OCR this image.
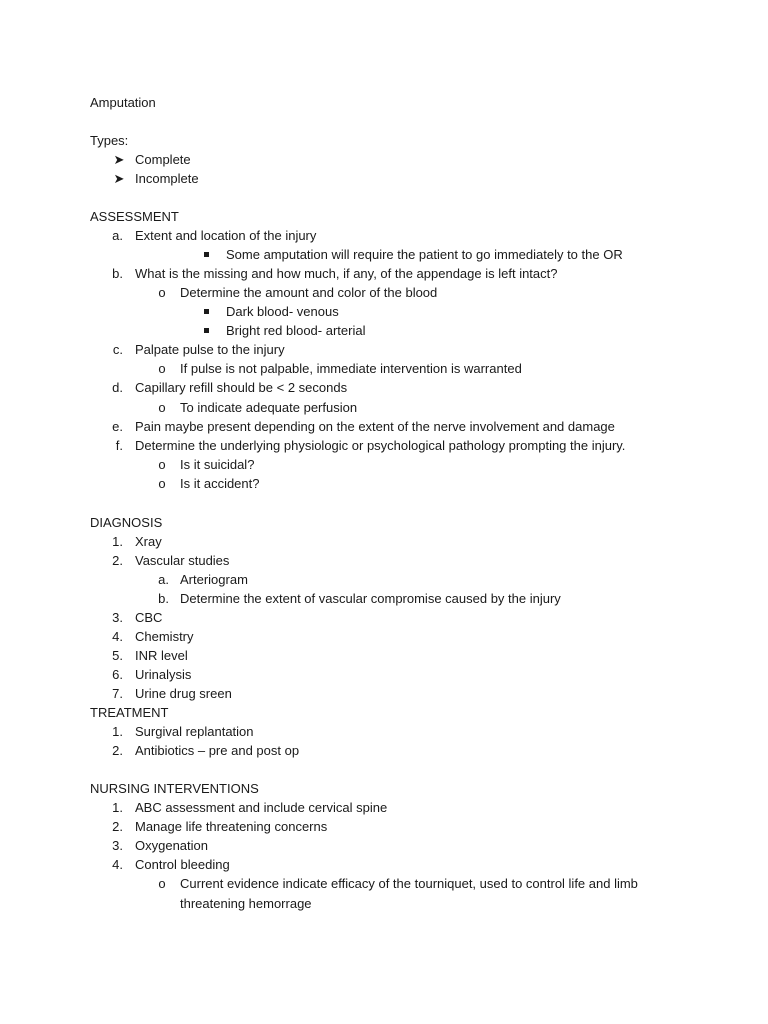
Amputation
Types:
➤ Complete
➤ Incomplete
ASSESSMENT
a. Extent and location of the injury
Some amputation will require the patient to go immediately to the OR
b. What is the missing and how much, if any, of the appendage is left intact?
o Determine the amount and color of the blood
Dark blood- venous
Bright red blood- arterial
c. Palpate pulse to the injury
o If pulse is not palpable, immediate intervention is warranted
d. Capillary refill should be < 2 seconds
o To indicate adequate perfusion
e. Pain maybe present depending on the extent of the nerve involvement and damage
f. Determine the underlying physiologic or psychological pathology prompting the injury.
o Is it suicidal?
o Is it accident?
DIAGNOSIS
1. Xray
2. Vascular studies
a. Arteriogram
b. Determine the extent of vascular compromise caused by the injury
3. CBC
4. Chemistry
5. INR level
6. Urinalysis
7. Urine drug sreen
TREATMENT
1. Surgival replantation
2. Antibiotics – pre and post op
NURSING INTERVENTIONS
1. ABC assessment and include cervical spine
2. Manage life threatening concerns
3. Oxygenation
4. Control bleeding
o Current evidence indicate efficacy of the tourniquet, used to control life and limb
threatening hemorrage
